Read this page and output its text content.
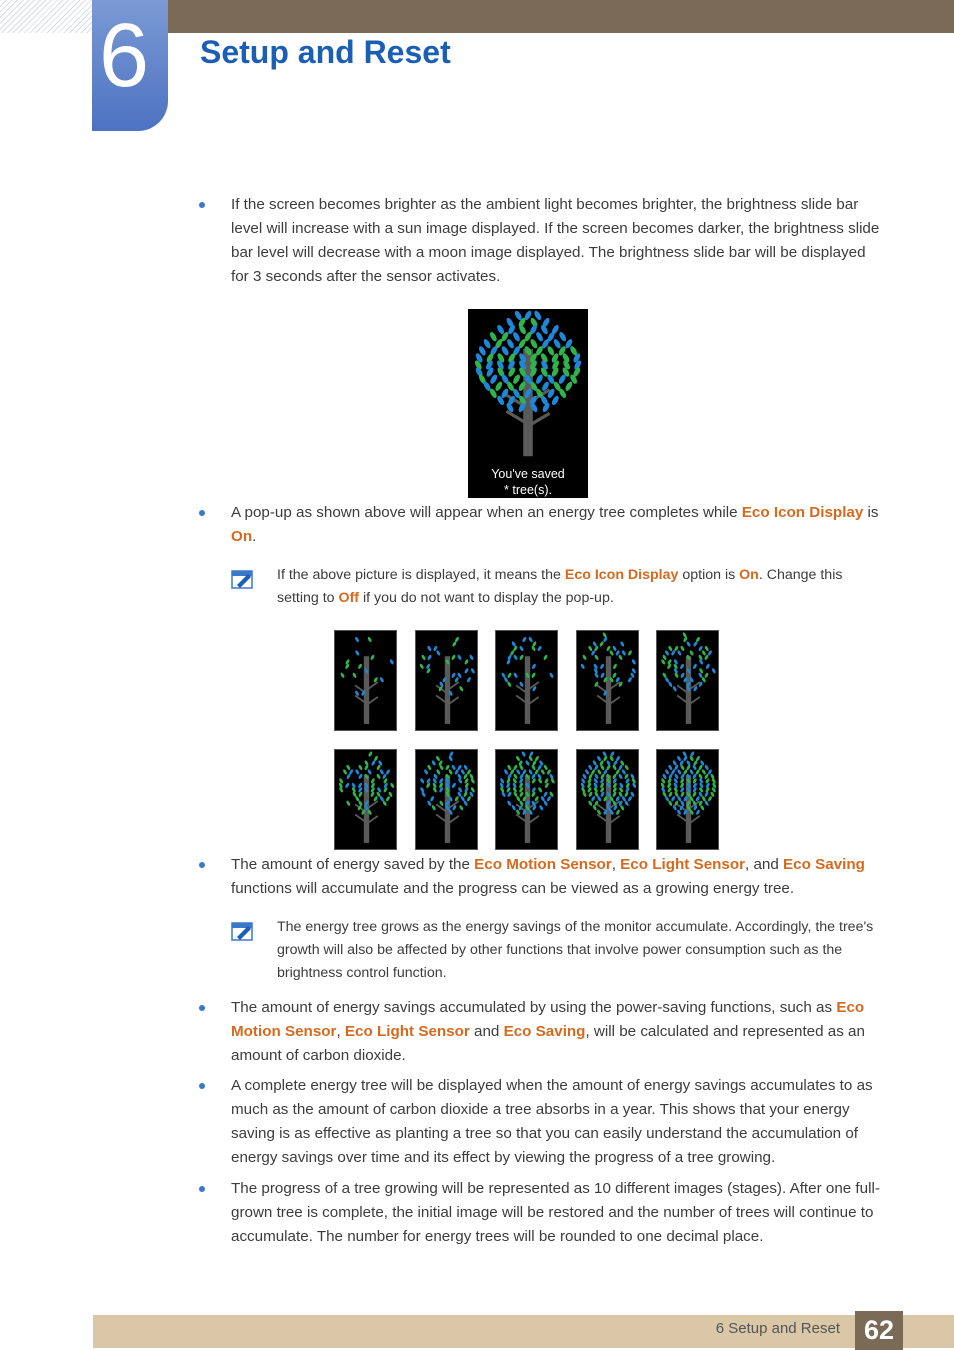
6 Setup and Reset
If the screen becomes brighter as the ambient light becomes brighter, the brightness slide bar level will increase with a sun image displayed. If the screen becomes darker, the brightness slide bar level will decrease with a moon image displayed. The brightness slide bar will be displayed for 3 seconds after the sensor activates.
You've saved
* tree(s).
A pop-up as shown above will appear when an energy tree completes while Eco Icon Display is On.
If the above picture is displayed, it means the Eco Icon Display option is On. Change this setting to Off if you do not want to display the pop-up.
The amount of energy saved by the Eco Motion Sensor, Eco Light Sensor, and Eco Saving functions will accumulate and the progress can be viewed as a growing energy tree.
The energy tree grows as the energy savings of the monitor accumulate. Accordingly, the tree's growth will also be affected by other functions that involve power consumption such as the brightness control function.
The amount of energy savings accumulated by using the power-saving functions, such as Eco Motion Sensor, Eco Light Sensor and Eco Saving, will be calculated and represented as an amount of carbon dioxide.
A complete energy tree will be displayed when the amount of energy savings accumulates to as much as the amount of carbon dioxide a tree absorbs in a year. This shows that your energy saving is as effective as planting a tree so that you can easily understand the accumulation of energy savings over time and its effect by viewing the progress of a tree growing.
The progress of a tree growing will be represented as 10 different images (stages). After one full-grown tree is complete, the initial image will be restored and the number of trees will continue to accumulate. The number for energy trees will be rounded to one decimal place.
6 Setup and Reset 62
